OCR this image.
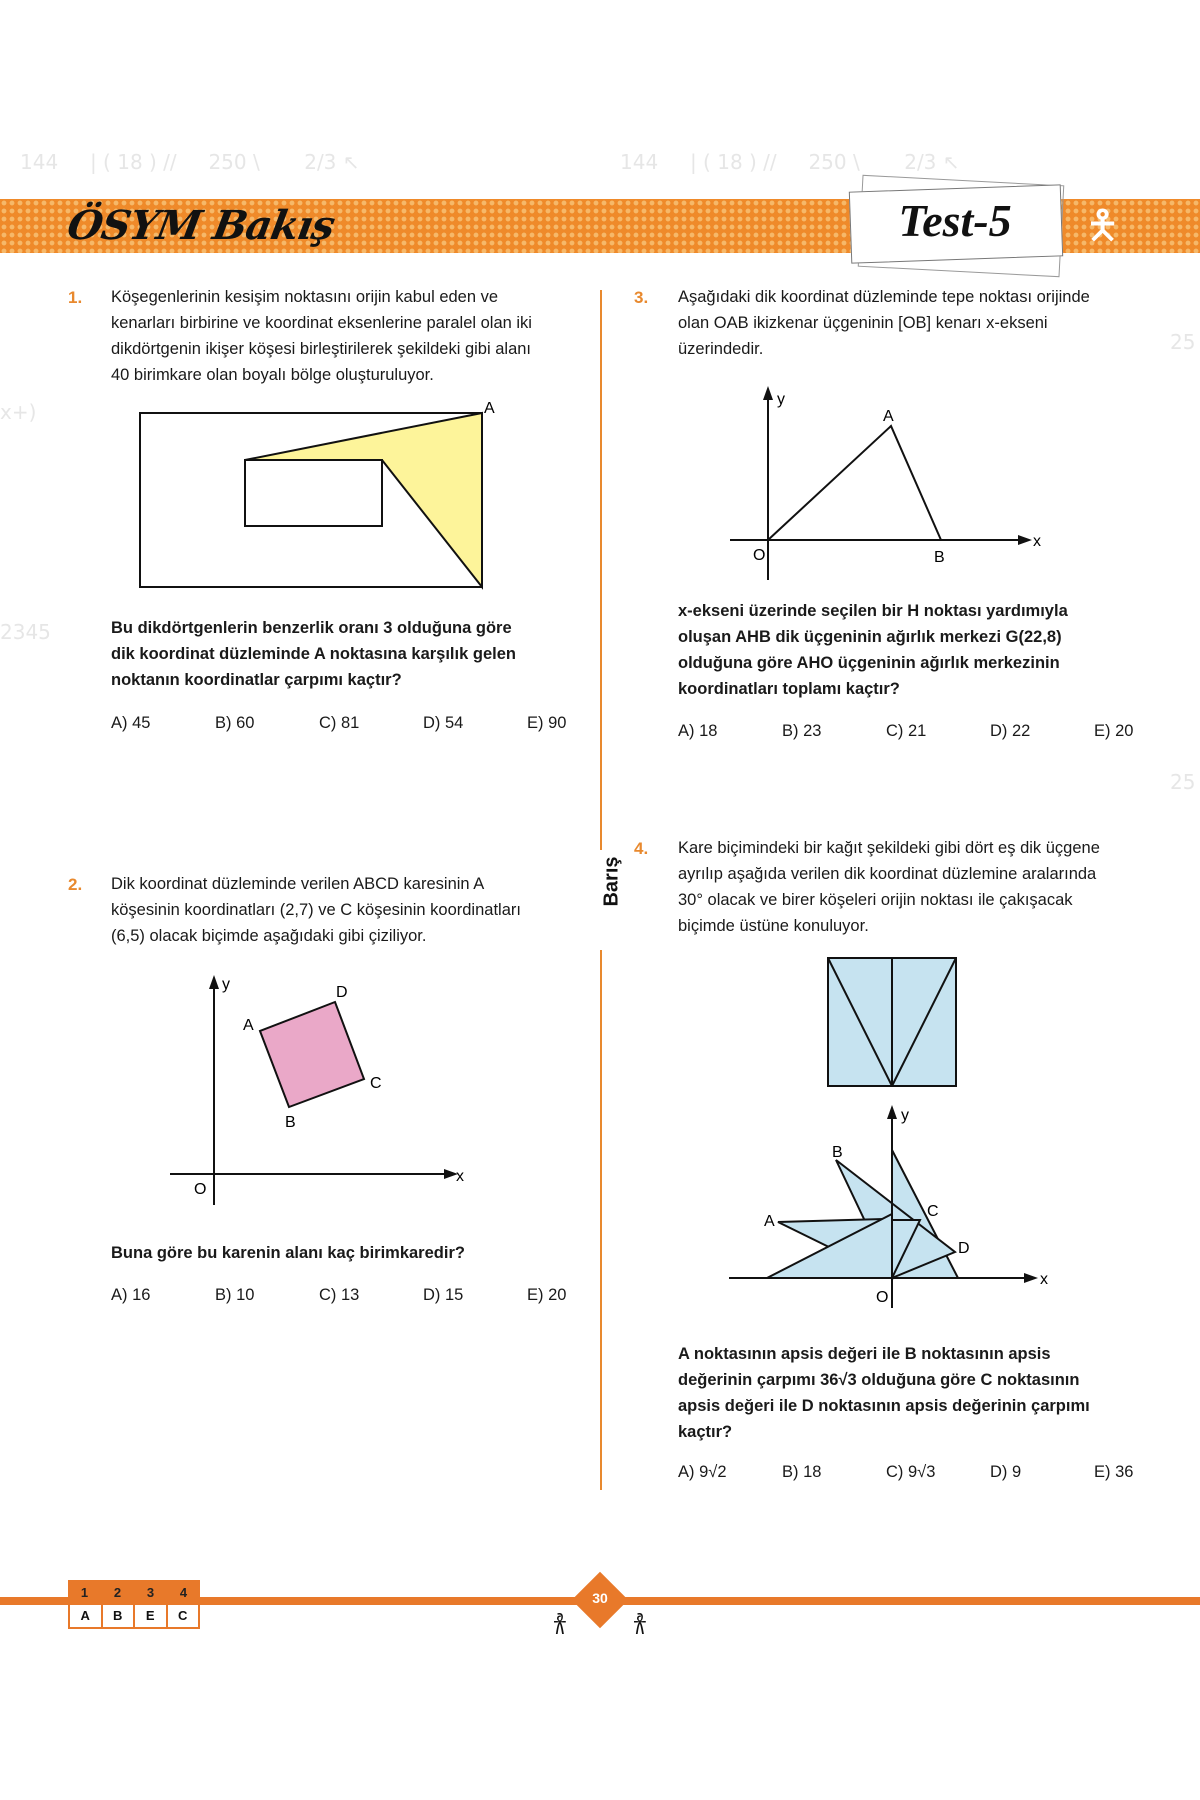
144     | ( 18 ) //     250 \       2/3 ↖	144     | ( 18 ) //     250 \       2/3 ↖
x+)
2345
25
25
ÖSYM Bakış	Test-5	🯅
Barış
1. Köşegenlerinin kesişim noktasını orijin kabul eden ve
kenarları birbirine ve koordinat eksenlerine paralel olan iki
dikdörtgenin ikişer köşesi birleştirilerek şekildeki gibi alanı
40 birimkare olan boyalı bölge oluşturuluyor.
A
Bu dikdörtgenlerin benzerlik oranı 3 olduğuna göre
dik koordinat düzleminde A noktasına karşılık gelen
noktanın koordinatlar çarpımı kaçtır?
A) 45	B) 60	C) 81	D) 54	E) 90
2. Dik koordinat düzleminde verilen ABCD karesinin A
köşesinin koordinatları (2,7) ve C köşesinin koordinatları
(6,5) olacak biçimde aşağıdaki gibi çiziliyor.
y
x
O
A
B
C
D
Buna göre bu karenin alanı kaç birimkaredir?
A) 16	B) 10	C) 13	D) 15	E) 20
3. Aşağıdaki dik koordinat düzleminde tepe noktası orijinde
olan OAB ikizkenar üçgeninin [OB] kenarı x-ekseni
üzerindedir.
y
x
O
A
B
x-ekseni üzerinde seçilen bir H noktası yardımıyla
oluşan AHB dik üçgeninin ağırlık merkezi G(22,8)
olduğuna göre AHO üçgeninin ağırlık merkezinin
koordinatları toplamı kaçtır?
A) 18	B) 23	C) 21	D) 22	E) 20
4. Kare biçimindeki bir kağıt şekildeki gibi dört eş dik üçgene
ayrılıp aşağıda verilen dik koordinat düzlemine aralarında
30° olacak ve birer köşeleri orijin noktası ile çakışacak
biçimde üstüne konuluyor.
y
x
O
A
B
C
D
A noktasının apsis değeri ile B noktasının apsis
değerinin çarpımı 36√3 olduğuna göre C noktasının
apsis değeri ile D noktasının apsis değerinin çarpımı
kaçtır?
A) 9√2	B) 18	C) 9√3	D) 9	E) 36
1	2	3	4
A	B	E	C
30
𐀪 𐀪
